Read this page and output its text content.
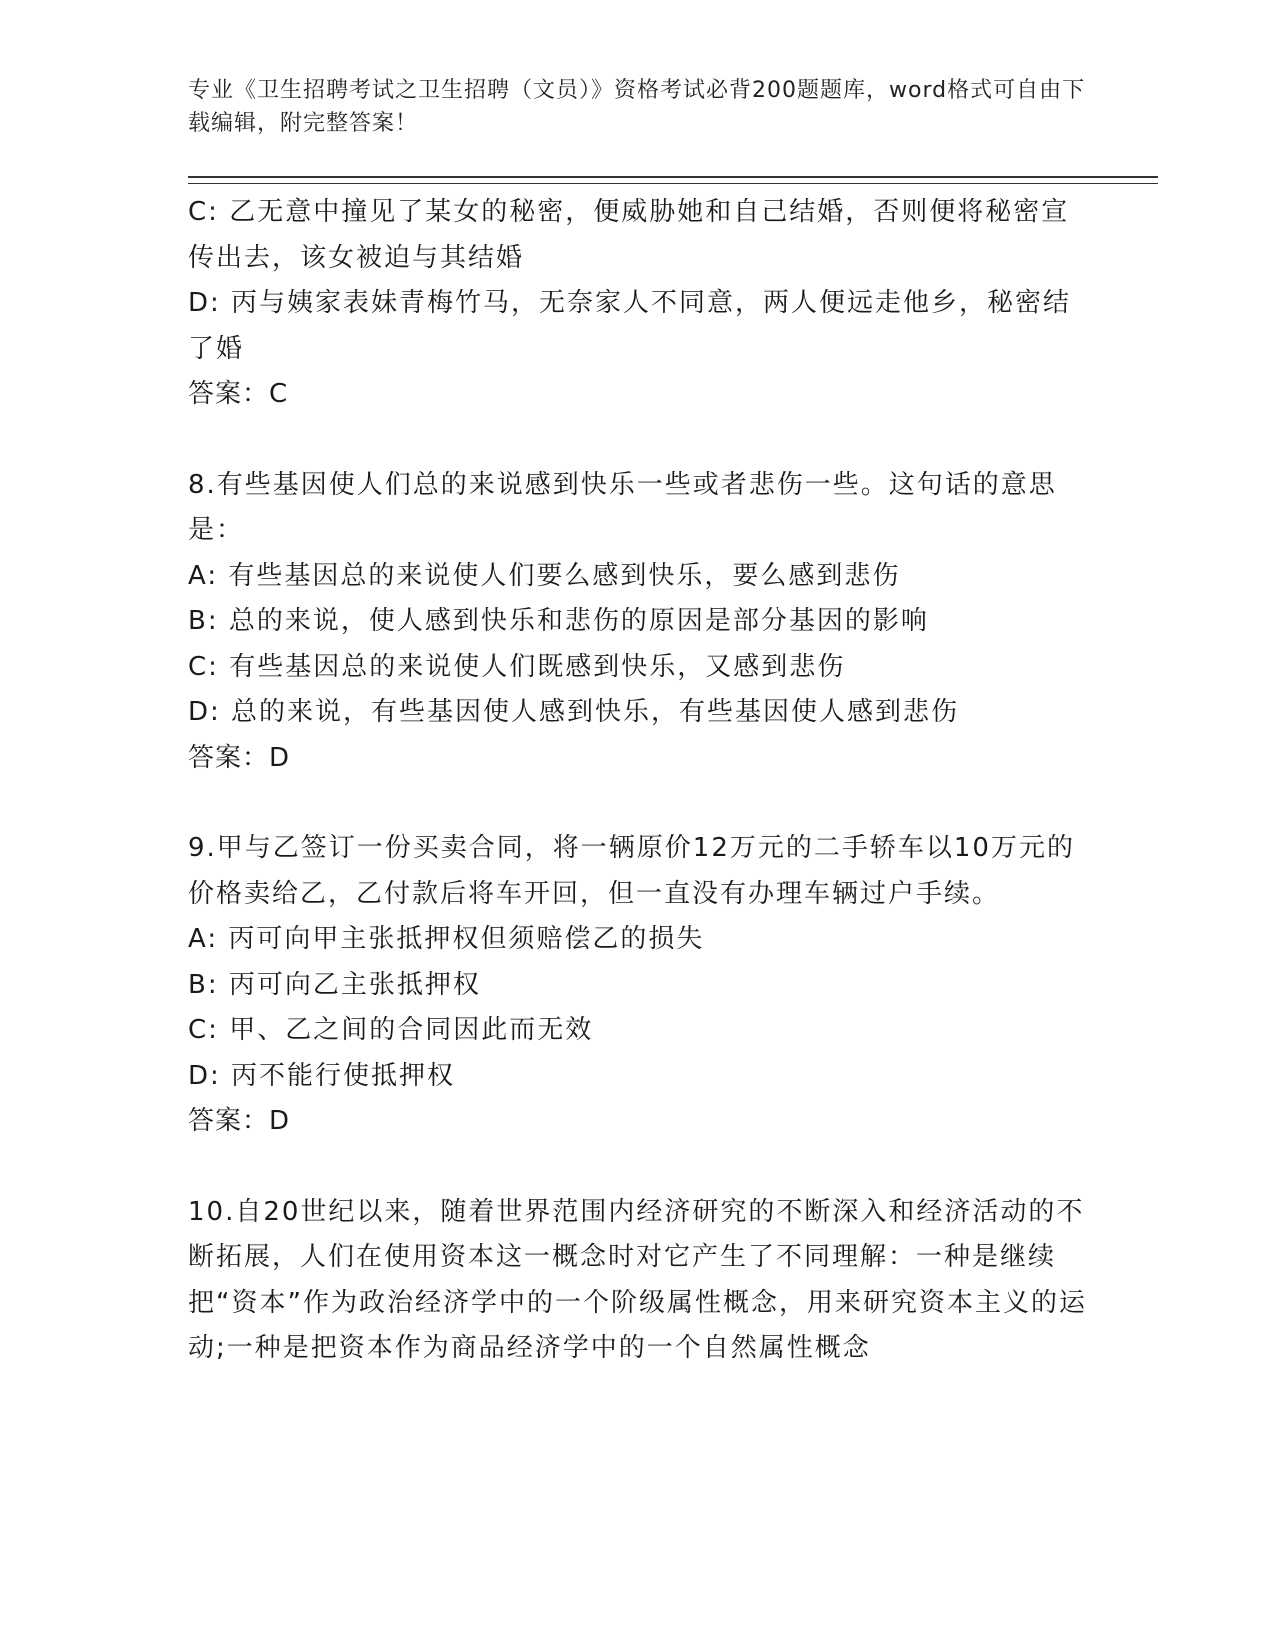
专业《卫生招聘考试之卫生招聘（文员）》资格考试必背200题题库，word格式可自由下载编辑，附完整答案！
C: 乙无意中撞见了某女的秘密，便威胁她和自己结婚，否则便将秘密宣传出去，该女被迫与其结婚
D: 丙与姨家表妹青梅竹马，无奈家人不同意，两人便远走他乡，秘密结了婚
答案：C
8.有些基因使人们总的来说感到快乐一些或者悲伤一些。这句话的意思是：
A: 有些基因总的来说使人们要么感到快乐，要么感到悲伤
B: 总的来说，使人感到快乐和悲伤的原因是部分基因的影响
C: 有些基因总的来说使人们既感到快乐，又感到悲伤
D: 总的来说，有些基因使人感到快乐，有些基因使人感到悲伤
答案：D
9.甲与乙签订一份买卖合同，将一辆原价12万元的二手轿车以10万元的价格卖给乙，乙付款后将车开回，但一直没有办理车辆过户手续。
A: 丙可向甲主张抵押权但须赔偿乙的损失
B: 丙可向乙主张抵押权
C: 甲、乙之间的合同因此而无效
D: 丙不能行使抵押权
答案：D
10.自20世纪以来，随着世界范围内经济研究的不断深入和经济活动的不断拓展，人们在使用资本这一概念时对它产生了不同理解：一种是继续把“资本”作为政治经济学中的一个阶级属性概念，用来研究资本主义的运动;一种是把资本作为商品经济学中的一个自然属性概念
